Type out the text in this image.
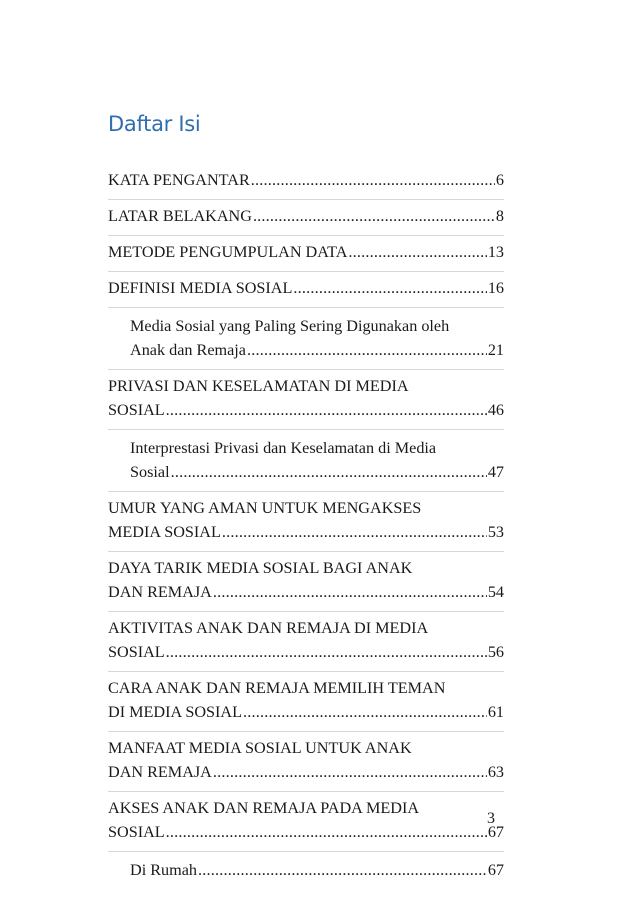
Daftar Isi
KATA PENGANTAR .....	6
LATAR BELAKANG .....	8
METODE PENGUMPULAN DATA .....	13
DEFINISI MEDIA SOSIAL .....	16
Media Sosial yang Paling Sering Digunakan oleh
Anak dan Remaja .....	21
PRIVASI DAN KESELAMATAN DI MEDIA
SOSIAL .....	46
Interprestasi Privasi dan Keselamatan di Media
Sosial .....	47
UMUR YANG AMAN UNTUK MENGAKSES
MEDIA SOSIAL .....	53
DAYA TARIK MEDIA SOSIAL BAGI ANAK
DAN REMAJA .....	54
AKTIVITAS ANAK DAN REMAJA DI MEDIA
SOSIAL .....	56
CARA ANAK DAN REMAJA MEMILIH TEMAN
DI MEDIA SOSIAL .....	61
MANFAAT MEDIA SOSIAL UNTUK ANAK
DAN REMAJA .....	63
AKSES ANAK DAN REMAJA PADA MEDIA
SOSIAL .....	67
Di Rumah .....	67
3
